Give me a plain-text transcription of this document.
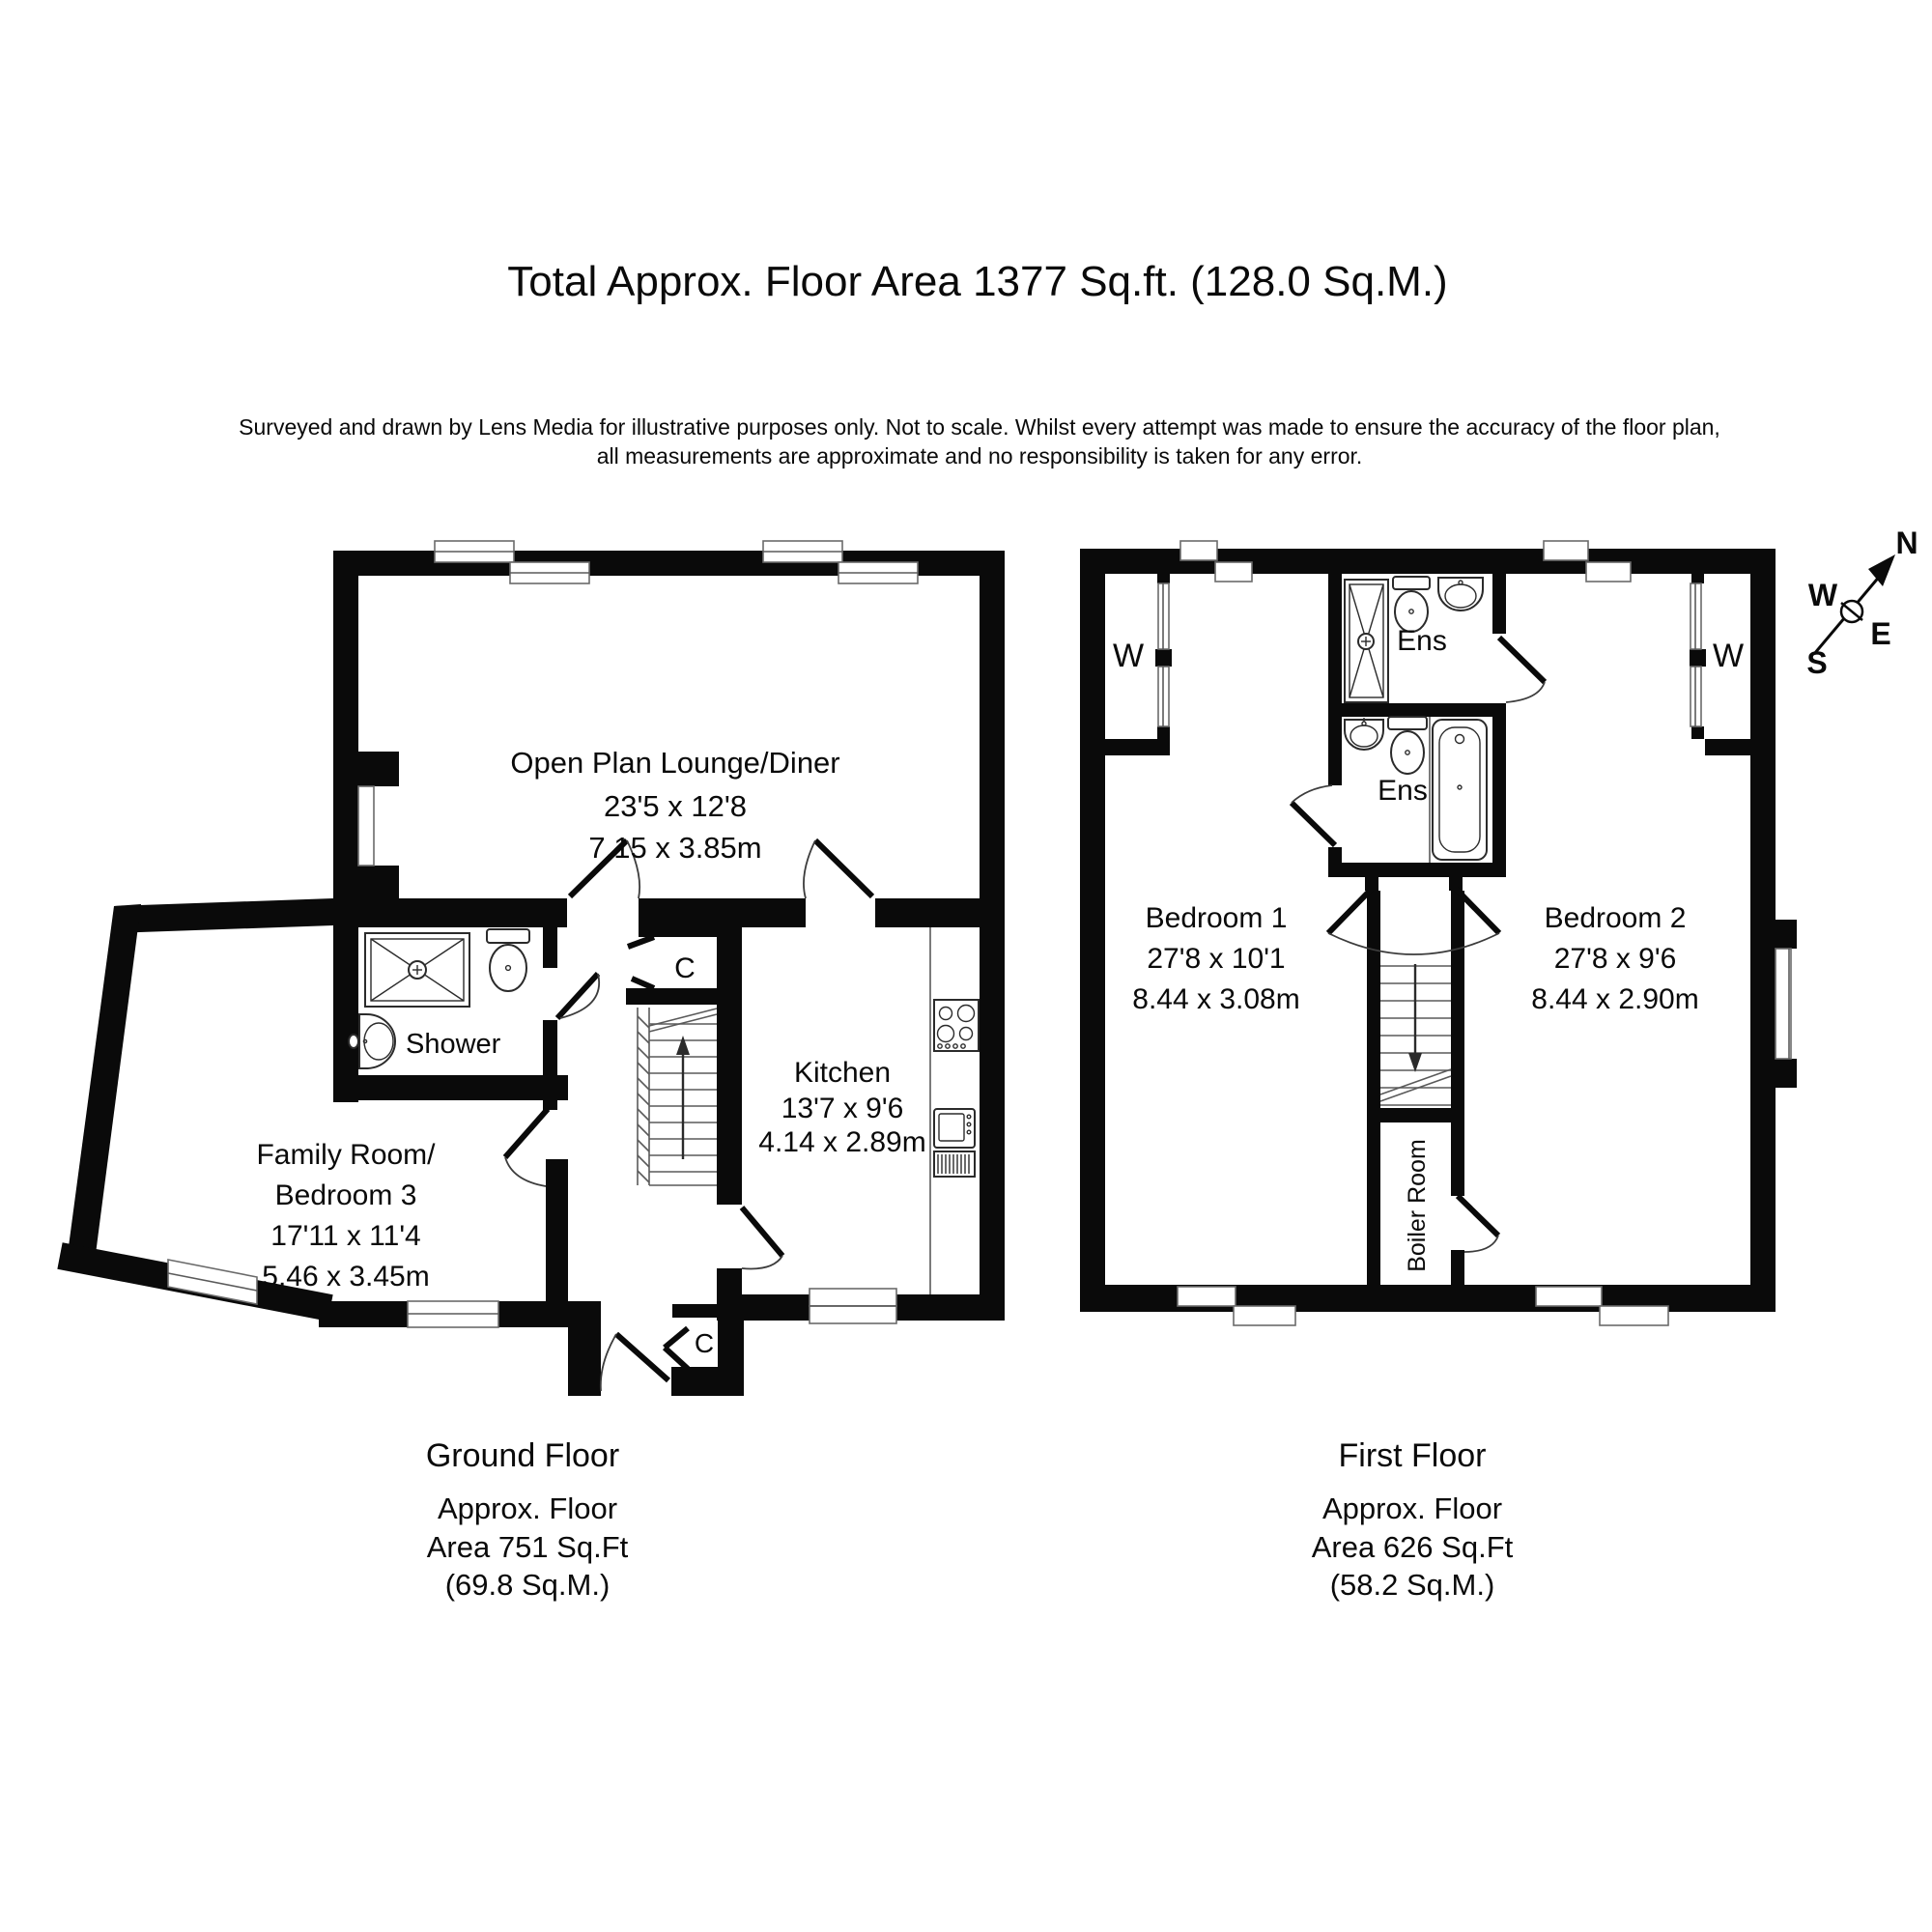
Total Approx. Floor Area 1377 Sq.ft. (128.0 Sq.M.)
Surveyed and drawn by Lens Media for illustrative purposes only. Not to scale. Whilst every attempt was made to ensure the accuracy of the floor plan,
all measurements are approximate and no responsibility is taken for any error.
Open Plan Lounge/Diner
23'5 x 12'8
7.15 x 3.85m
Shower
Family Room/
Bedroom 3
17'11 x 11'4
5.46 x 3.45m
Kitchen
13'7 x 9'6
4.14 x 2.89m
C
C
Bedroom 1
27'8 x 10'1
8.44 x 3.08m
Bedroom 2
27'8 x 9'6
8.44 x 2.90m
Ens
Ens
W	W
Boiler Room
N
W
E
S
Ground Floor
Approx. Floor
Area 751 Sq.Ft
(69.8 Sq.M.)
First Floor
Approx. Floor
Area 626 Sq.Ft
(58.2 Sq.M.)
